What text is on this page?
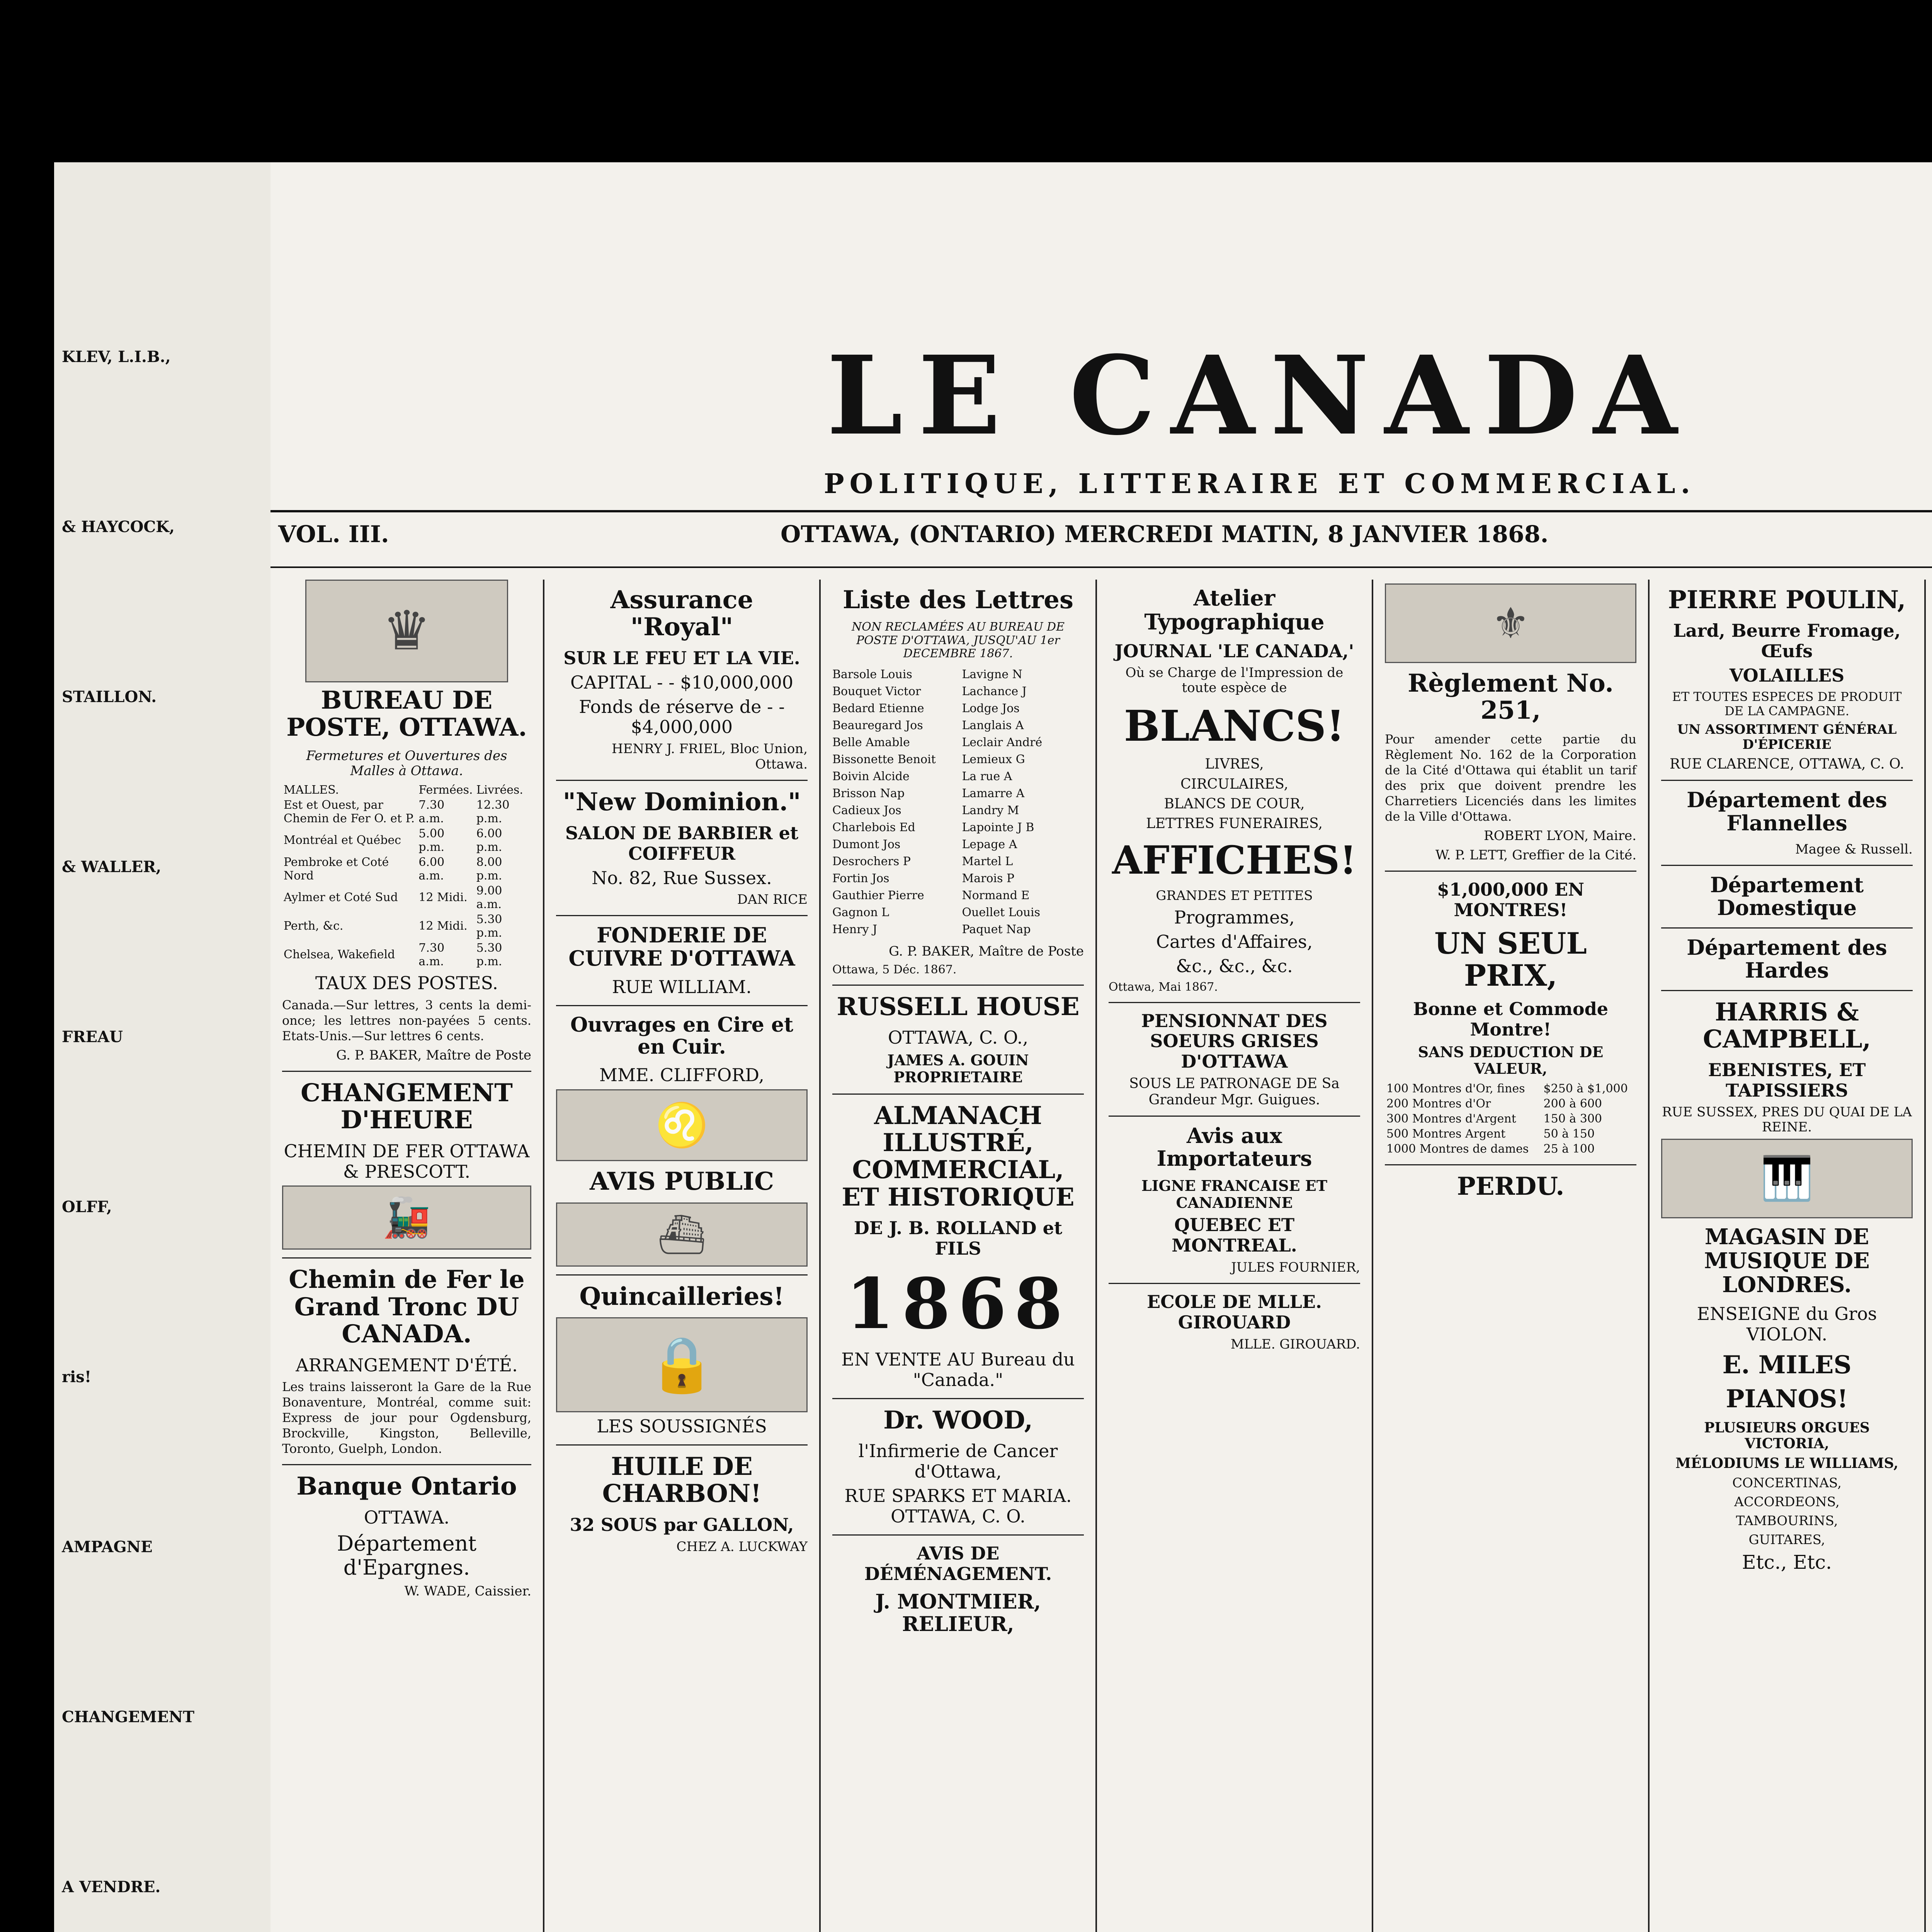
KLEV, L.I.B.,
& HAYCOCK,
STAILLON.
& WALLER,
FREAU
OLFF,
ris!
AMPAGNE
CHANGEMENT
A VENDRE.
LE CANADA
POLITIQUE, LITTERAIRE ET COMMERCIAL.
VOL. III.	OTTAWA, (ONTARIO) MERCREDI MATIN, 8 JANVIER 1868.
♛
BUREAU DE POSTE, OTTAWA.
Fermetures et Ouvertures des Malles à Ottawa.
MALLES.	Fermées.	Livrées.
Est et Ouest, par Chemin de Fer O. et P.	7.30 a.m.	12.30 p.m.
Montréal et Québec	5.00 p.m.	6.00 p.m.
Pembroke et Coté Nord	6.00 a.m.	8.00 p.m.
Aylmer et Coté Sud	12 Midi.	9.00 a.m.
Perth, &c.	12 Midi.	5.30 p.m.
Chelsea, Wakefield	7.30 a.m.	5.30 p.m.
TAUX DES POSTES.
Canada.—Sur lettres, 3 cents la demi-once; les lettres non-payées 5 cents. Etats-Unis.—Sur lettres 6 cents.
G. P. BAKER, Maître de Poste
CHANGEMENT D'HEURE
CHEMIN DE FER OTTAWA & PRESCOTT.
🚂
Chemin de Fer le Grand Tronc DU CANADA.
ARRANGEMENT D'ÉTÉ.
Les trains laisseront la Gare de la Rue Bonaventure, Montréal, comme suit: Express de jour pour Ogdensburg, Brockville, Kingston, Belleville, Toronto, Guelph, London.
Banque Ontario
OTTAWA.
Département d'Epargnes.
W. WADE, Caissier.
Assurance "Royal"
SUR LE FEU ET LA VIE.
CAPITAL - - $10,000,000
Fonds de réserve de - - $4,000,000
HENRY J. FRIEL, Bloc Union, Ottawa.
"New Dominion."
SALON DE BARBIER et COIFFEUR
No. 82, Rue Sussex.
DAN RICE
FONDERIE DE CUIVRE D'OTTAWA
RUE WILLIAM.
Ouvrages en Cire et en Cuir.
MME. CLIFFORD,
♌
AVIS PUBLIC
⛴
Quincailleries!
🔒
LES SOUSSIGNÉS
HUILE DE CHARBON!
32 SOUS par GALLON,
CHEZ A. LUCKWAY
Liste des Lettres
NON RECLAMÉES AU BUREAU DE POSTE D'OTTAWA, JUSQU'AU 1er DECEMBRE 1867.
Barsole Louis
Bouquet Victor
Bedard Etienne
Beauregard Jos
Belle Amable
Bissonette Benoit
Boivin Alcide
Brisson Nap
Cadieux Jos
Charlebois Ed
Dumont Jos
Desrochers P
Fortin Jos
Gauthier Pierre
Gagnon L
Henry J
Lavigne N
Lachance J
Lodge Jos
Langlais A
Leclair André
Lemieux G
La rue A
Lamarre A
Landry M
Lapointe J B
Lepage A
Martel L
Marois P
Normand E
Ouellet Louis
Paquet Nap
G. P. BAKER, Maître de Poste
Ottawa, 5 Déc. 1867.
RUSSELL HOUSE
OTTAWA, C. O.,
JAMES A. GOUIN PROPRIETAIRE
ALMANACH ILLUSTRÉ, COMMERCIAL, ET HISTORIQUE
DE J. B. ROLLAND et FILS
1868
EN VENTE AU Bureau du "Canada."
Dr. WOOD,
l'Infirmerie de Cancer d'Ottawa,
RUE SPARKS ET MARIA. OTTAWA, C. O.
AVIS DE DÉMÉNAGEMENT.
J. MONTMIER, RELIEUR,
Atelier Typographique
JOURNAL 'LE CANADA,'
Où se Charge de l'Impression de toute espèce de
BLANCS!
LIVRES,
CIRCULAIRES,
BLANCS DE COUR,
LETTRES FUNERAIRES,
AFFICHES!
GRANDES ET PETITES
Programmes,
Cartes d'Affaires,
&c., &c., &c.
Ottawa, Mai 1867.
PENSIONNAT DES SOEURS GRISES D'OTTAWA
SOUS LE PATRONAGE DE Sa Grandeur Mgr. Guigues.
Avis aux Importateurs
LIGNE FRANCAISE ET CANADIENNE
QUEBEC ET MONTREAL.
JULES FOURNIER,
ECOLE DE MLLE. GIROUARD
MLLE. GIROUARD.
⚜
Règlement No. 251,
Pour amender cette partie du Règlement No. 162 de la Corporation de la Cité d'Ottawa qui établit un tarif des prix que doivent prendre les Charretiers Licenciés dans les limites de la Ville d'Ottawa.
ROBERT LYON, Maire.
W. P. LETT, Greffier de la Cité.
$1,000,000 EN MONTRES!
UN SEUL PRIX,
Bonne et Commode Montre!
SANS DEDUCTION DE VALEUR,
100 Montres d'Or, fines	$250 à $1,000
200 Montres d'Or	200 à 600
300 Montres d'Argent	150 à 300
500 Montres Argent	50 à 150
1000 Montres de dames	25 à 100
PERDU.
PIERRE POULIN,
Lard, Beurre Fromage, Œufs
VOLAILLES
ET TOUTES ESPECES DE PRODUIT DE LA CAMPAGNE.
UN ASSORTIMENT GÉNÉRAL D'ÉPICERIE
RUE CLARENCE, OTTAWA, C. O.
Département des Flannelles
Magee & Russell.
Département Domestique
Département des Hardes
HARRIS & CAMPBELL,
EBENISTES, ET TAPISSIERS
RUE SUSSEX, PRES DU QUAI DE LA REINE.
🎹
MAGASIN DE MUSIQUE DE LONDRES.
ENSEIGNE du Gros VIOLON.
E. MILES
PIANOS!
PLUSIEURS ORGUES VICTORIA,
MÉLODIUMS LE WILLIAMS,
CONCERTINAS,
ACCORDEONS,
TAMBOURINS,
GUITARES,
Etc., Etc.
